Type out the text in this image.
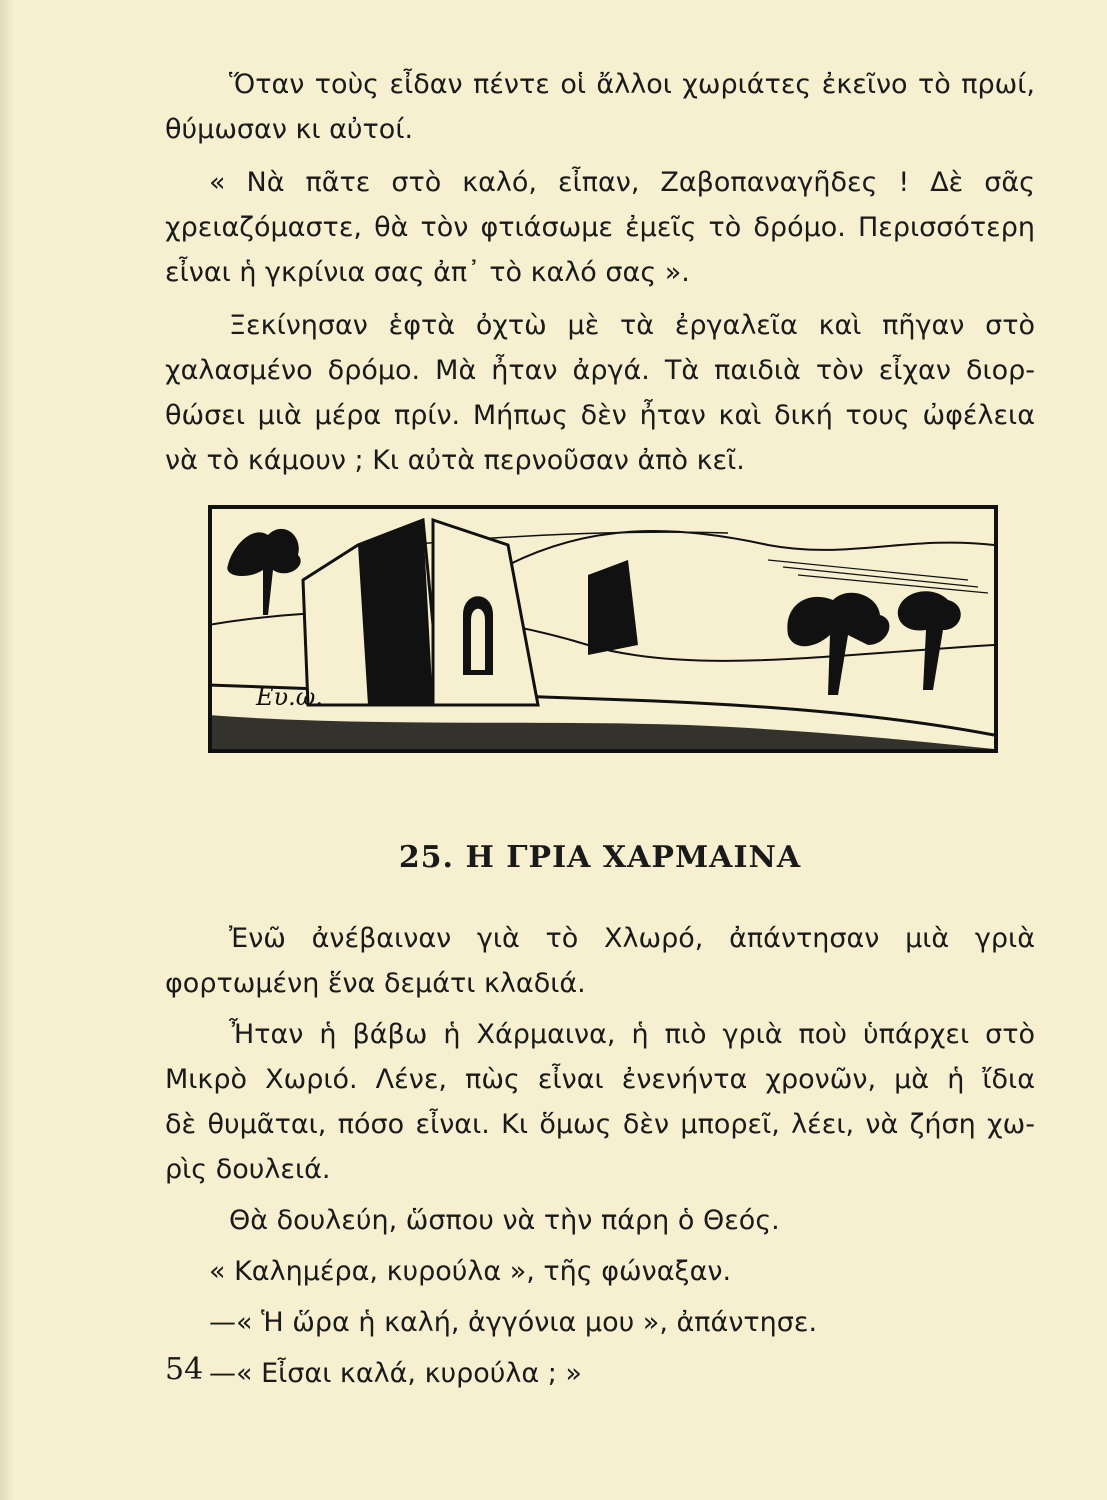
Ὅταν τοὺς εἶδαν πέντε οἱ ἄλλοι χωριάτες ἐκεῖνο τὸ πρωί,
θύμωσαν κι αὐτοί.

« Νὰ πᾶτε στὸ καλό, εἶπαν, Ζαβοπαναγῆδες ! Δὲ σᾶς
χρειαζόμαστε, θὰ τὸν φτιάσωμε ἐμεῖς τὸ δρόμο. Περισσότερη
εἶναι ἡ γκρίνια σας ἀπ᾽ τὸ καλό σας ».

Ξεκίνησαν ἑφτὰ ὀχτὼ μὲ τὰ ἐργαλεῖα καὶ πῆγαν στὸ
χαλασμένο δρόμο. Μὰ ἦταν ἀργά. Τὰ παιδιὰ τὸν εἶχαν διορ-
θώσει μιὰ μέρα πρίν. Μήπως δὲν ἦταν καὶ δική τους ὠφέλεια
νὰ τὸ κάμουν ; Κι αὐτὰ περνοῦσαν ἀπὸ κεῖ.

Ευ.ω.
25. Η ΓΡΙΑ ΧΑΡΜΑΙΝΑ

Ἐνῶ ἀνέβαιναν γιὰ τὸ Χλωρό, ἀπάντησαν μιὰ γριὰ
φορτωμένη ἕνα δεμάτι κλαδιά.

Ἦταν ἡ βάβω ἡ Χάρμαινα, ἡ πιὸ γριὰ ποὺ ὑπάρχει στὸ
Μικρὸ Χωριό. Λένε, πὼς εἶναι ἐνενήντα χρονῶν, μὰ ἡ ἴδια
δὲ θυμᾶται, πόσο εἶναι. Κι ὅμως δὲν μπορεῖ, λέει, νὰ ζήση χω-
ρὶς δουλειά.

Θὰ δουλεύη, ὥσπου νὰ τὴν πάρη ὁ Θεός.

« Καλημέρα, κυρούλα », τῆς φώναξαν.

—« Ἡ ὥρα ἡ καλή, ἀγγόνια μου », ἀπάντησε.

—« Εἶσαι καλά, κυρούλα ; »

54
